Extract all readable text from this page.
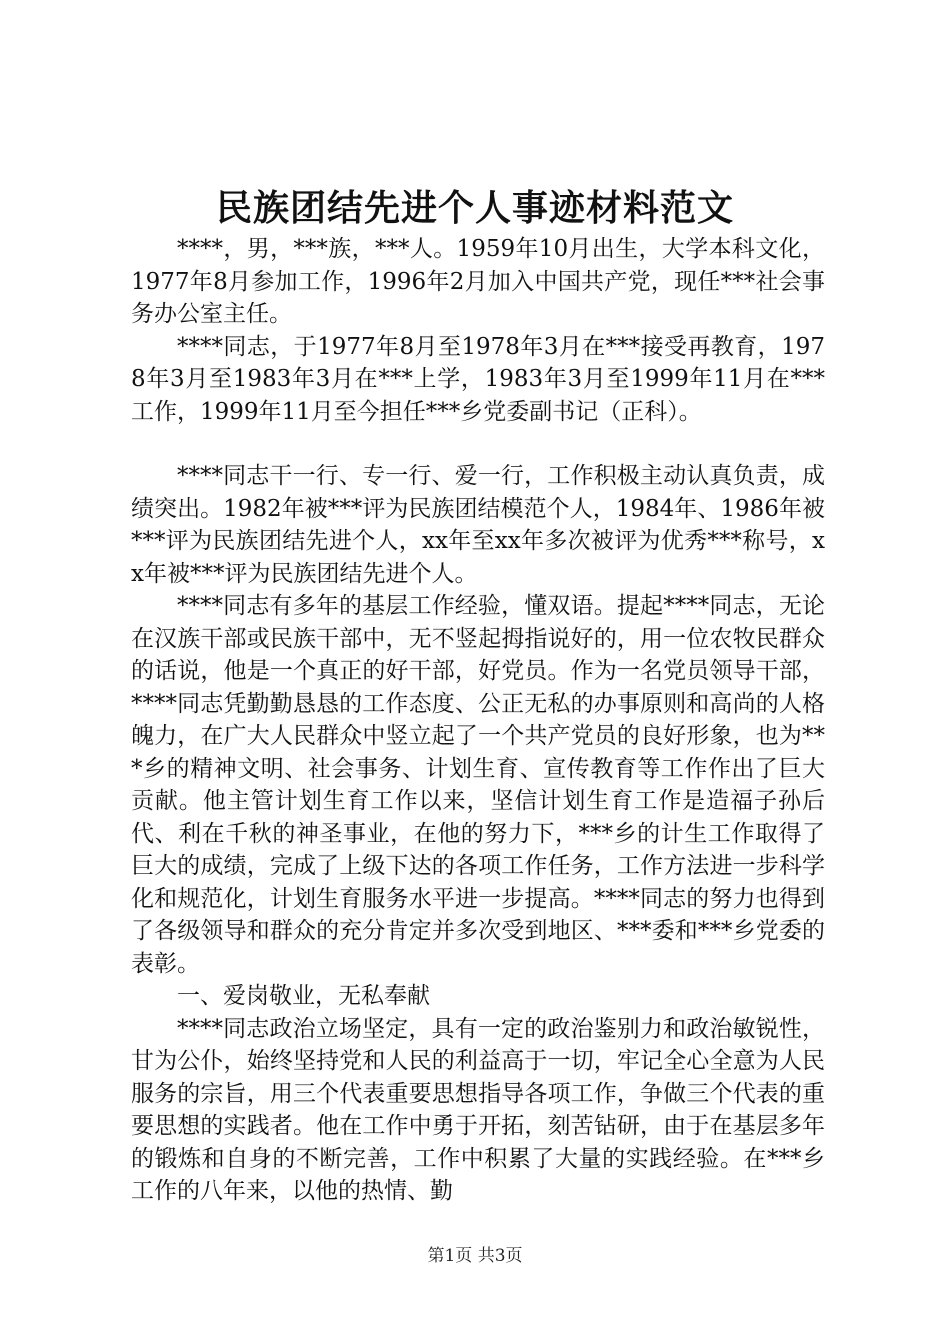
民族团结先进个人事迹材料范文

****，男，***族，***人。1959年10月出生，大学本科文化，1977年8月参加工作，1996年2月加入中国共产党，现任***社会事务办公室主任。

****同志，于1977年8月至1978年3月在***接受再教育，1978年3月至1983年3月在***上学，1983年3月至1999年11月在***工作，1999年11月至今担任***乡党委副书记（正科）。

****同志干一行、专一行、爱一行，工作积极主动认真负责，成绩突出。1982年被***评为民族团结模范个人，1984年、1986年被***评为民族团结先进个人，xx年至xx年多次被评为优秀***称号，xx年被***评为民族团结先进个人。

****同志有多年的基层工作经验，懂双语。提起****同志，无论在汉族干部或民族干部中，无不竖起拇指说好的，用一位农牧民群众的话说，他是一个真正的好干部，好党员。作为一名党员领导干部，****同志凭勤勤恳恳的工作态度、公正无私的办事原则和高尚的人格魄力，在广大人民群众中竖立起了一个共产党员的良好形象，也为***乡的精神文明、社会事务、计划生育、宣传教育等工作作出了巨大贡献。他主管计划生育工作以来，坚信计划生育工作是造福子孙后代、利在千秋的神圣事业，在他的努力下，***乡的计生工作取得了巨大的成绩，完成了上级下达的各项工作任务，工作方法进一步科学化和规范化，计划生育服务水平进一步提高。****同志的努力也得到了各级领导和群众的充分肯定并多次受到地区、***委和***乡党委的表彰。

一、爱岗敬业，无私奉献

****同志政治立场坚定，具有一定的政治鉴别力和政治敏锐性，甘为公仆，始终坚持党和人民的利益高于一切，牢记全心全意为人民服务的宗旨，用三个代表重要思想指导各项工作，争做三个代表的重要思想的实践者。他在工作中勇于开拓，刻苦钻研，由于在基层多年的锻炼和自身的不断完善，工作中积累了大量的实践经验。在***乡工作的八年来，以他的热情、勤

第1页 共3页
